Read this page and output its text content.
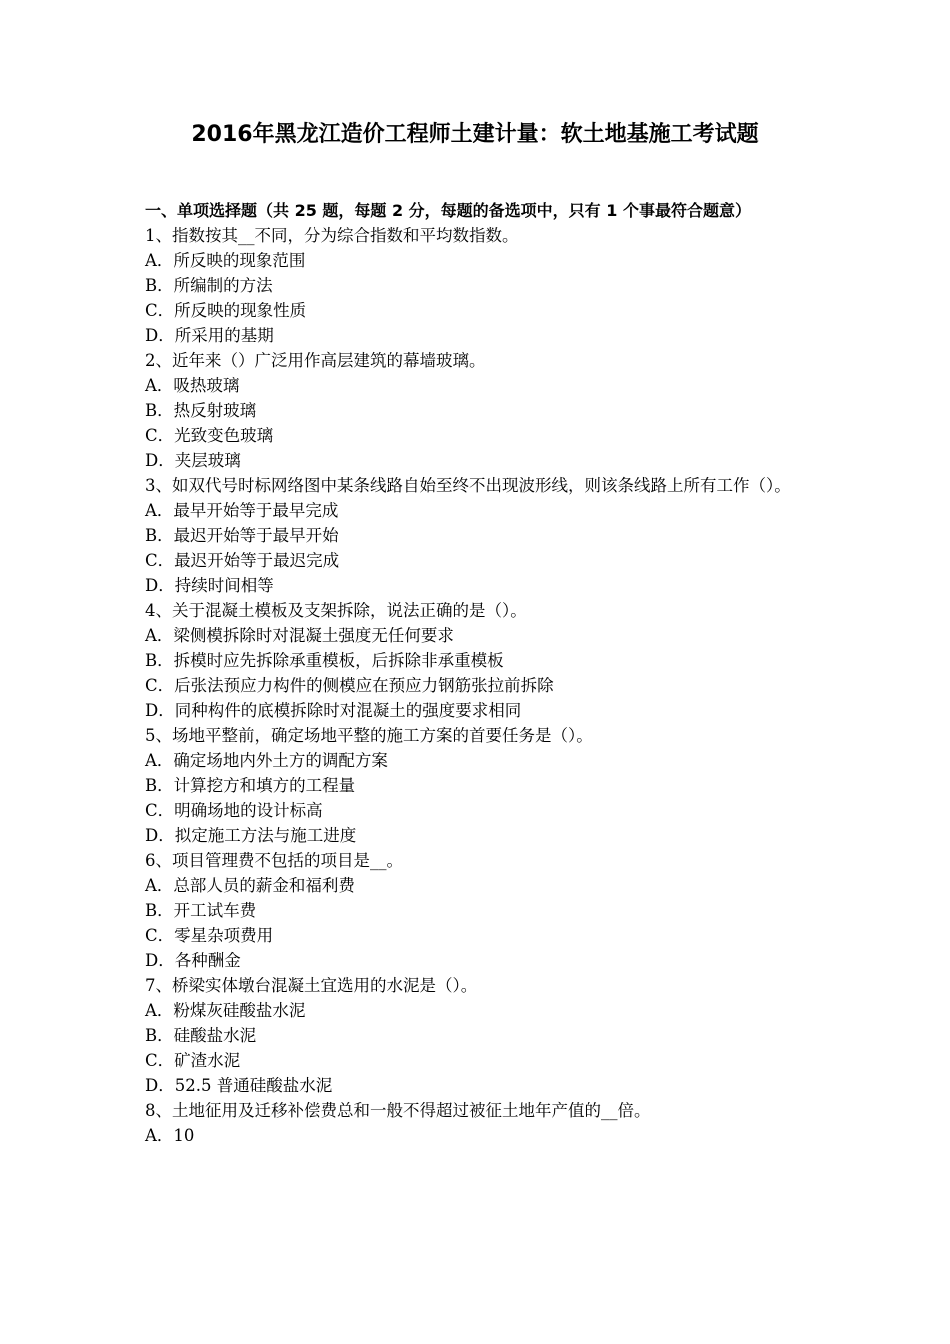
2016年黑龙江造价工程师土建计量：软土地基施工考试题

一、单项选择题（共 25 题，每题 2 分，每题的备选项中，只有 1 个事最符合题意）

1、指数按其__不同，分为综合指数和平均数指数。

A．所反映的现象范围

B．所编制的方法

C．所反映的现象性质

D．所采用的基期

2、近年来（）广泛用作高层建筑的幕墙玻璃。

A．吸热玻璃

B．热反射玻璃

C．光致变色玻璃

D．夹层玻璃

3、如双代号时标网络图中某条线路自始至终不出现波形线，则该条线路上所有工作（）。

A．最早开始等于最早完成

B．最迟开始等于最早开始

C．最迟开始等于最迟完成

D．持续时间相等

4、关于混凝土模板及支架拆除，说法正确的是（）。

A．梁侧模拆除时对混凝土强度无任何要求

B．拆模时应先拆除承重模板，后拆除非承重模板

C．后张法预应力构件的侧模应在预应力钢筋张拉前拆除

D．同种构件的底模拆除时对混凝土的强度要求相同

5、场地平整前，确定场地平整的施工方案的首要任务是（）。

A．确定场地内外土方的调配方案

B．计算挖方和填方的工程量

C．明确场地的设计标高

D．拟定施工方法与施工进度

6、项目管理费不包括的项目是__。

A．总部人员的薪金和福利费

B．开工试车费

C．零星杂项费用

D．各种酬金

7、桥梁实体墩台混凝土宜选用的水泥是（）。

A．粉煤灰硅酸盐水泥

B．硅酸盐水泥

C．矿渣水泥

D．52.5 普通硅酸盐水泥

8、土地征用及迁移补偿费总和一般不得超过被征土地年产值的__倍。

A．10
